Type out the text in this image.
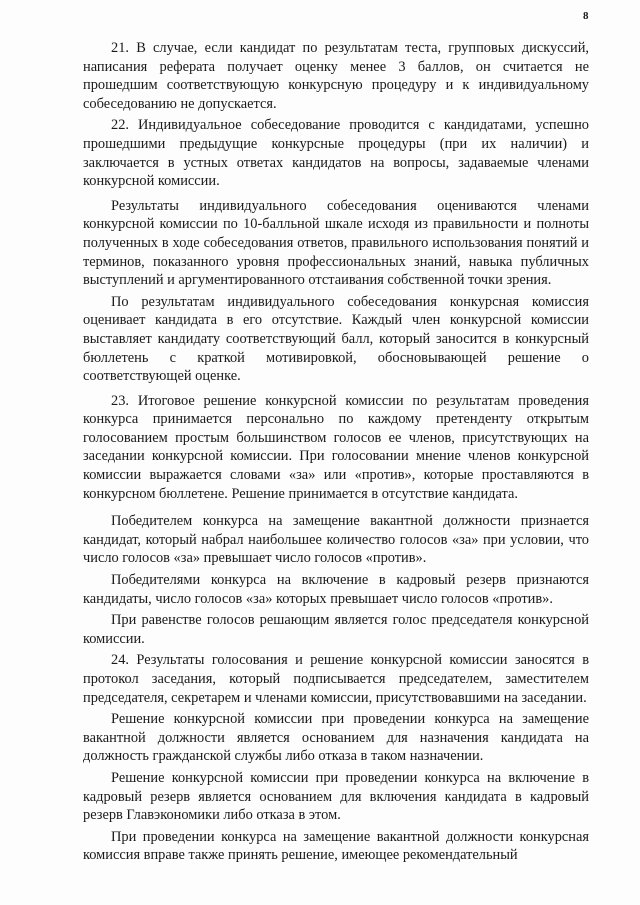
8

21. В случае, если кандидат по результатам теста, групповых дискуссий, написания реферата получает оценку менее 3 баллов, он считается не прошедшим соответствующую конкурсную процедуру и к индивидуальному собеседованию не допускается.

22. Индивидуальное собеседование проводится с кандидатами, успешно прошедшими предыдущие конкурсные процедуры (при их наличии) и заключается в устных ответах кандидатов на вопросы, задаваемые членами конкурсной комиссии.

Результаты индивидуального собеседования оцениваются членами конкурсной комиссии по 10-балльной шкале исходя из правильности и полноты полученных в ходе собеседования ответов, правильного использования понятий и терминов, показанного уровня профессиональных знаний, навыка публичных выступлений и аргументированного отстаивания собственной точки зрения.

По результатам индивидуального собеседования конкурсная комиссия оценивает кандидата в его отсутствие. Каждый член конкурсной комиссии выставляет кандидату соответствующий балл, который заносится в конкурсный бюллетень с краткой мотивировкой, обосновывающей решение о соответствующей оценке.

23. Итоговое решение конкурсной комиссии по результатам проведения конкурса принимается персонально по каждому претенденту открытым голосованием простым большинством голосов ее членов, присутствующих на заседании конкурсной комиссии. При голосовании мнение членов конкурсной комиссии выражается словами «за» или «против», которые проставляются в конкурсном бюллетене. Решение принимается в отсутствие кандидата.

Победителем конкурса на замещение вакантной должности признается кандидат, который набрал наибольшее количество голосов «за» при условии, что число голосов «за» превышает число голосов «против».

Победителями конкурса на включение в кадровый резерв признаются кандидаты, число голосов «за» которых превышает число голосов «против».

При равенстве голосов решающим является голос председателя конкурсной комиссии.

24. Результаты голосования и решение конкурсной комиссии заносятся в протокол заседания, который подписывается председателем, заместителем председателя, секретарем и членами комиссии, присутствовавшими на заседании.

Решение конкурсной комиссии при проведении конкурса на замещение вакантной должности является основанием для назначения кандидата на должность гражданской службы либо отказа в таком назначении.

Решение конкурсной комиссии при проведении конкурса на включение в кадровый резерв является основанием для включения кандидата в кадровый резерв Главэкономики либо отказа в этом.

При проведении конкурса на замещение вакантной должности конкурсная комиссия вправе также принять решение, имеющее рекомендательный
